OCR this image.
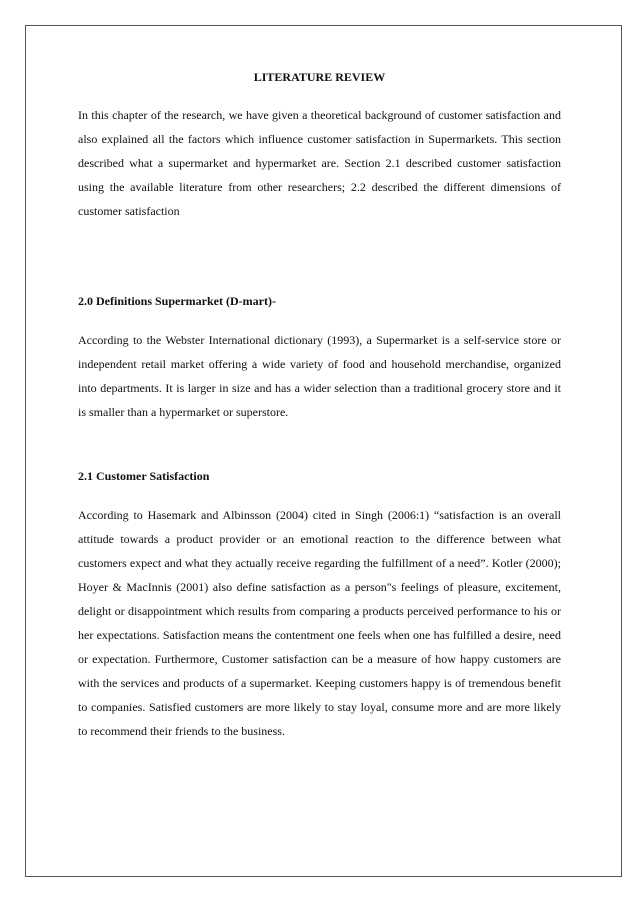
LITERATURE REVIEW

In this chapter of the research, we have given a theoretical background of customer satisfaction and also explained all the factors which influence customer satisfaction in Supermarkets. This section described what a supermarket and hypermarket are. Section 2.1 described customer satisfaction using the available literature from other researchers; 2.2 described the different dimensions of customer satisfaction

2.0 Definitions Supermarket (D-mart)-

According to the Webster International dictionary (1993), a Supermarket is a self-service store or independent retail market offering a wide variety of food and household merchandise, organized into departments. It is larger in size and has a wider selection than a traditional grocery store and it is smaller than a hypermarket or superstore.

2.1 Customer Satisfaction

According to Hasemark and Albinsson (2004) cited in Singh (2006:1) “satisfaction is an overall attitude towards a product provider or an emotional reaction to the difference between what customers expect and what they actually receive regarding the fulfillment of a need”. Kotler (2000); Hoyer & MacInnis (2001) also define satisfaction as a person"s feelings of pleasure, excitement, delight or disappointment which results from comparing a products perceived performance to his or her expectations. Satisfaction means the contentment one feels when one has fulfilled a desire, need or expectation. Furthermore, Customer satisfaction can be a measure of how happy customers are with the services and products of a supermarket. Keeping customers happy is of tremendous benefit to companies. Satisfied customers are more likely to stay loyal, consume more and are more likely to recommend their friends to the business.
